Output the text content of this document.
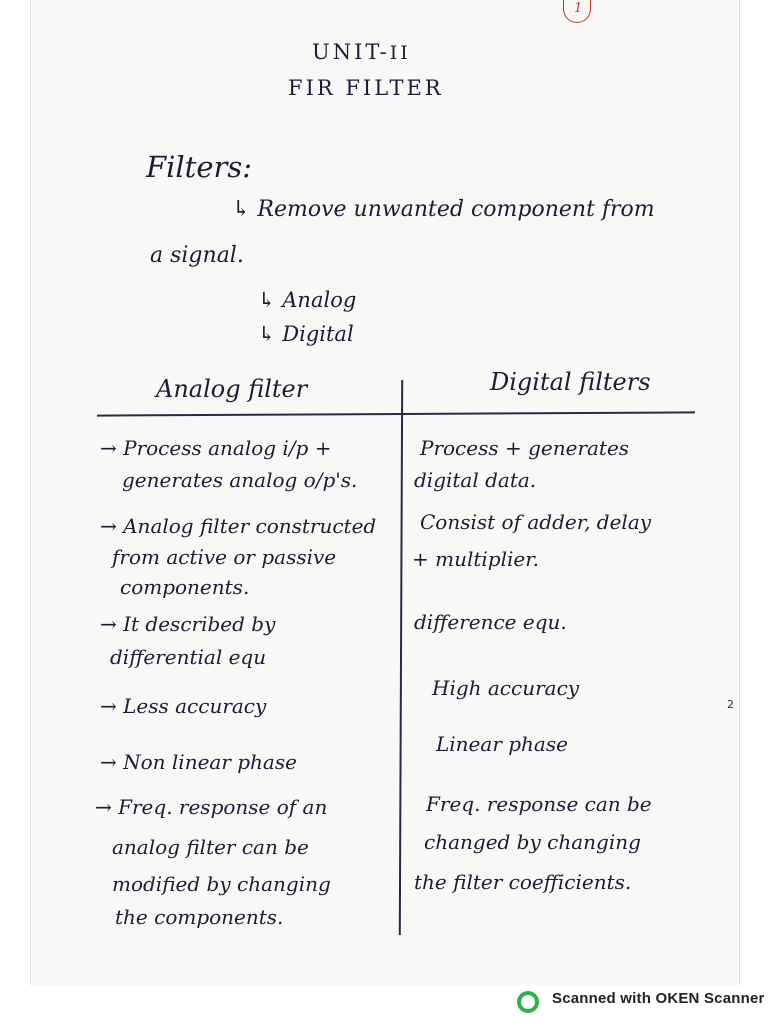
1
UNIT-II
FIR FILTER
Filters:
↳ Remove unwanted component from
a signal.
↳ Analog
↳ Digital
Analog filter	Digital filters
→ Process analog i/p +
generates analog o/p's.
→ Analog filter constructed
from active or passive
components.
→ It described by
differential equ
→ Less accuracy
→ Non linear phase
→ Freq. response of an
analog filter can be
modified by changing
the components.
Process + generates
digital data.
Consist of adder, delay
+ multiplier.
difference equ.
High accuracy
Linear phase
Freq. response can be
changed by changing
the filter coefficients.
2
Scanned with OKEN Scanner
